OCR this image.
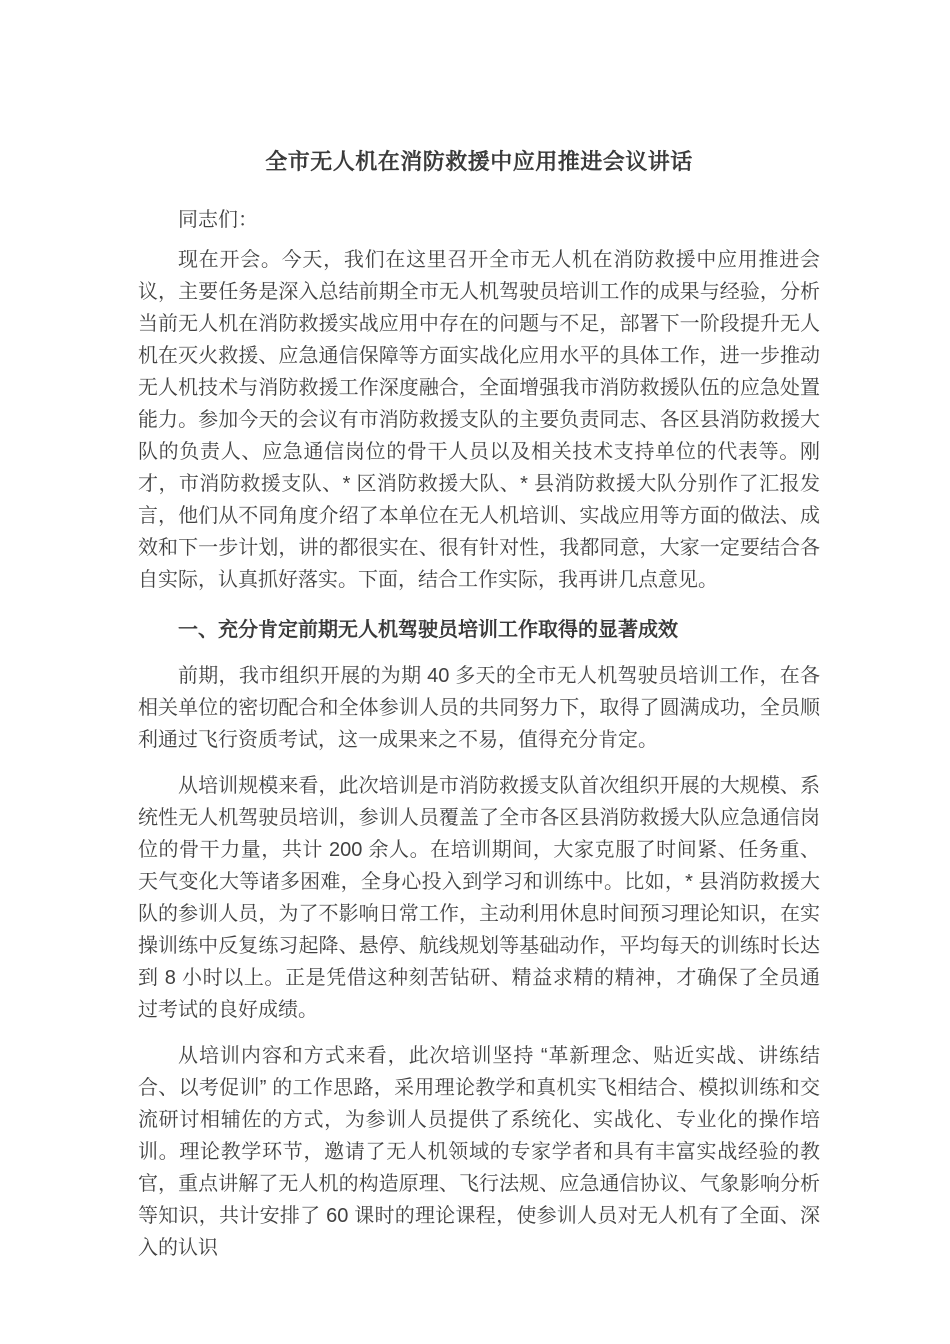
全市无人机在消防救援中应用推进会议讲话

同志们：

现在开会。今天，我们在这里召开全市无人机在消防救援中应用推进会议，主要任务是深入总结前期全市无人机驾驶员培训工作的成果与经验，分析当前无人机在消防救援实战应用中存在的问题与不足，部署下一阶段提升无人机在灭火救援、应急通信保障等方面实战化应用水平的具体工作，进一步推动无人机技术与消防救援工作深度融合，全面增强我市消防救援队伍的应急处置能力。参加今天的会议有市消防救援支队的主要负责同志、各区县消防救援大队的负责人、应急通信岗位的骨干人员以及相关技术支持单位的代表等。刚才，市消防救援支队、* 区消防救援大队、* 县消防救援大队分别作了汇报发言，他们从不同角度介绍了本单位在无人机培训、实战应用等方面的做法、成效和下一步计划，讲的都很实在、很有针对性，我都同意，大家一定要结合各自实际，认真抓好落实。下面，结合工作实际，我再讲几点意见。

一、充分肯定前期无人机驾驶员培训工作取得的显著成效

前期，我市组织开展的为期 40 多天的全市无人机驾驶员培训工作，在各相关单位的密切配合和全体参训人员的共同努力下，取得了圆满成功，全员顺利通过飞行资质考试，这一成果来之不易，值得充分肯定。

从培训规模来看，此次培训是市消防救援支队首次组织开展的大规模、系统性无人机驾驶员培训，参训人员覆盖了全市各区县消防救援大队应急通信岗位的骨干力量，共计 200 余人。在培训期间，大家克服了时间紧、任务重、天气变化大等诸多困难，全身心投入到学习和训练中。比如，* 县消防救援大队的参训人员，为了不影响日常工作，主动利用休息时间预习理论知识，在实操训练中反复练习起降、悬停、航线规划等基础动作，平均每天的训练时长达到 8 小时以上。正是凭借这种刻苦钻研、精益求精的精神，才确保了全员通过考试的良好成绩。

从培训内容和方式来看，此次培训坚持 “革新理念、贴近实战、讲练结合、以考促训” 的工作思路，采用理论教学和真机实飞相结合、模拟训练和交流研讨相辅佐的方式，为参训人员提供了系统化、实战化、专业化的操作培训。理论教学环节，邀请了无人机领域的专家学者和具有丰富实战经验的教官，重点讲解了无人机的构造原理、飞行法规、应急通信协议、气象影响分析等知识，共计安排了 60 课时的理论课程，使参训人员对无人机有了全面、深入的认识
